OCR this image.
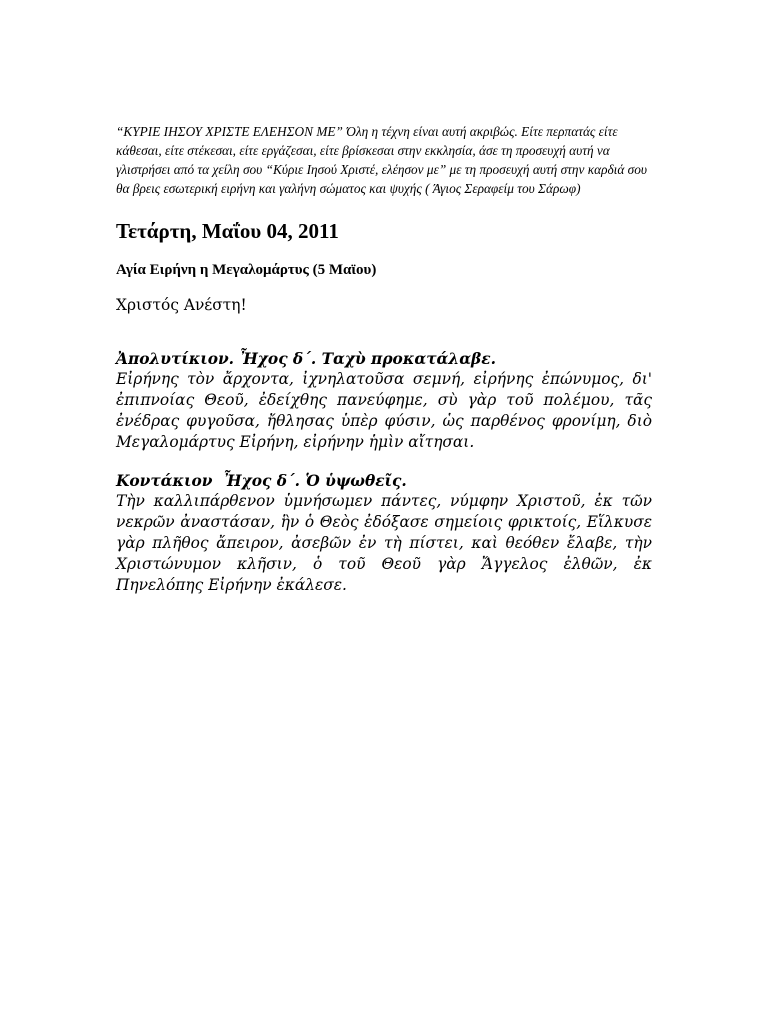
“ΚΥΡΙΕ ΙΗΣΟΥ ΧΡΙΣΤΕ ΕΛΕΗΣΟΝ ΜΕ” Όλη η τέχνη είναι αυτή ακριβώς. Είτε περπατάς είτε κάθεσαι, είτε στέκεσαι, είτε εργάζεσαι, είτε βρίσκεσαι στην εκκλησία, άσε τη προσευχή αυτή να γλιστρήσει από τα χείλη σου “Κύριε Ιησού Χριστέ, ελέησον με” με τη προσευχή αυτή στην καρδιά σου θα βρεις εσωτερική ειρήνη και γαλήνη σώματος και ψυχής ( Άγιος Σεραφείμ του Σάρωφ)

Τετάρτη, Μαΐου 04, 2011
Αγία Ειρήνη η Μεγαλομάρτυς (5 Μαϊου)

Χριστός Ανέστη!

Ἀπολυτίκιον. Ἦχος δ΄. Ταχὺ προκατάλαβε.

Εἰρήνης τὸν ἄρχοντα, ἰχνηλατοῦσα σεμνή, εἰρήνης ἐπώνυμος, δι' ἐπιπνοίας Θεοῦ, ἐδείχθης πανεύφημε, σὺ γὰρ τοῦ πολέμου, τᾶς ἐνέδρας φυγοῦσα, ἤθλησας ὑπὲρ φύσιν, ὡς παρθένος φρονίμη, διὸ Μεγαλομάρτυς Εἰρήνη, εἰρήνην ἡμὶν αἴτησαι.

Κοντάκιον  Ἦχος δ΄. Ὁ ὑψωθεῖς.

Τὴν καλλιπάρθενον ὑμνήσωμεν πάντες, νύμφην Χριστοῦ, ἐκ τῶν νεκρῶν ἀναστάσαν, ἣν ὁ Θεὸς ἐδόξασε σημείοις φρικτοίς, Εἵλκυσε γὰρ πλῆθος ἄπειρον, ἀσεβῶν ἐν τὴ πίστει, καὶ θεόθεν ἔλαβε, τὴν Χριστώνυμον κλῆσιν, ὁ τοῦ Θεοῦ γὰρ Ἄγγελος ἐλθῶν, ἐκ Πηνελόπης Εἰρήνην ἐκάλεσε.
